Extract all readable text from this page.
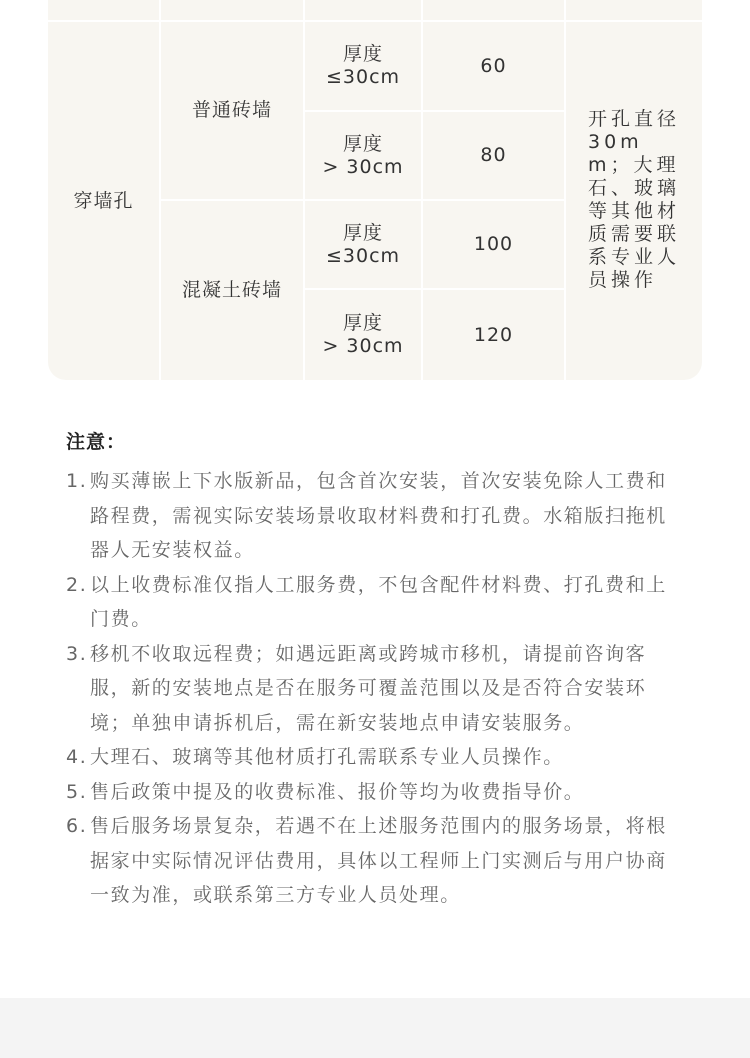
穿墙孔
普通砖墙
混凝土砖墙
厚度
≤30cm
厚度
> 30cm
厚度
≤30cm
厚度
> 30cm
60
80
100
120
开孔直径30mm；大理石、玻璃等其他材质需要联系专业人员操作
注意：
1. 购买薄嵌上下水版新品，包含首次安装，首次安装免除人工费和路程费，需视实际安装场景收取材料费和打孔费。水箱版扫拖机器人无安装权益。
2. 以上收费标准仅指人工服务费，不包含配件材料费、打孔费和上门费。
3. 移机不收取远程费；如遇远距离或跨城市移机，请提前咨询客服，新的安装地点是否在服务可覆盖范围以及是否符合安装环境；单独申请拆机后，需在新安装地点申请安装服务。
4. 大理石、玻璃等其他材质打孔需联系专业人员操作。
5. 售后政策中提及的收费标准、报价等均为收费指导价。
6. 售后服务场景复杂，若遇不在上述服务范围内的服务场景，将根据家中实际情况评估费用，具体以工程师上门实测后与用户协商一致为准，或联系第三方专业人员处理。
